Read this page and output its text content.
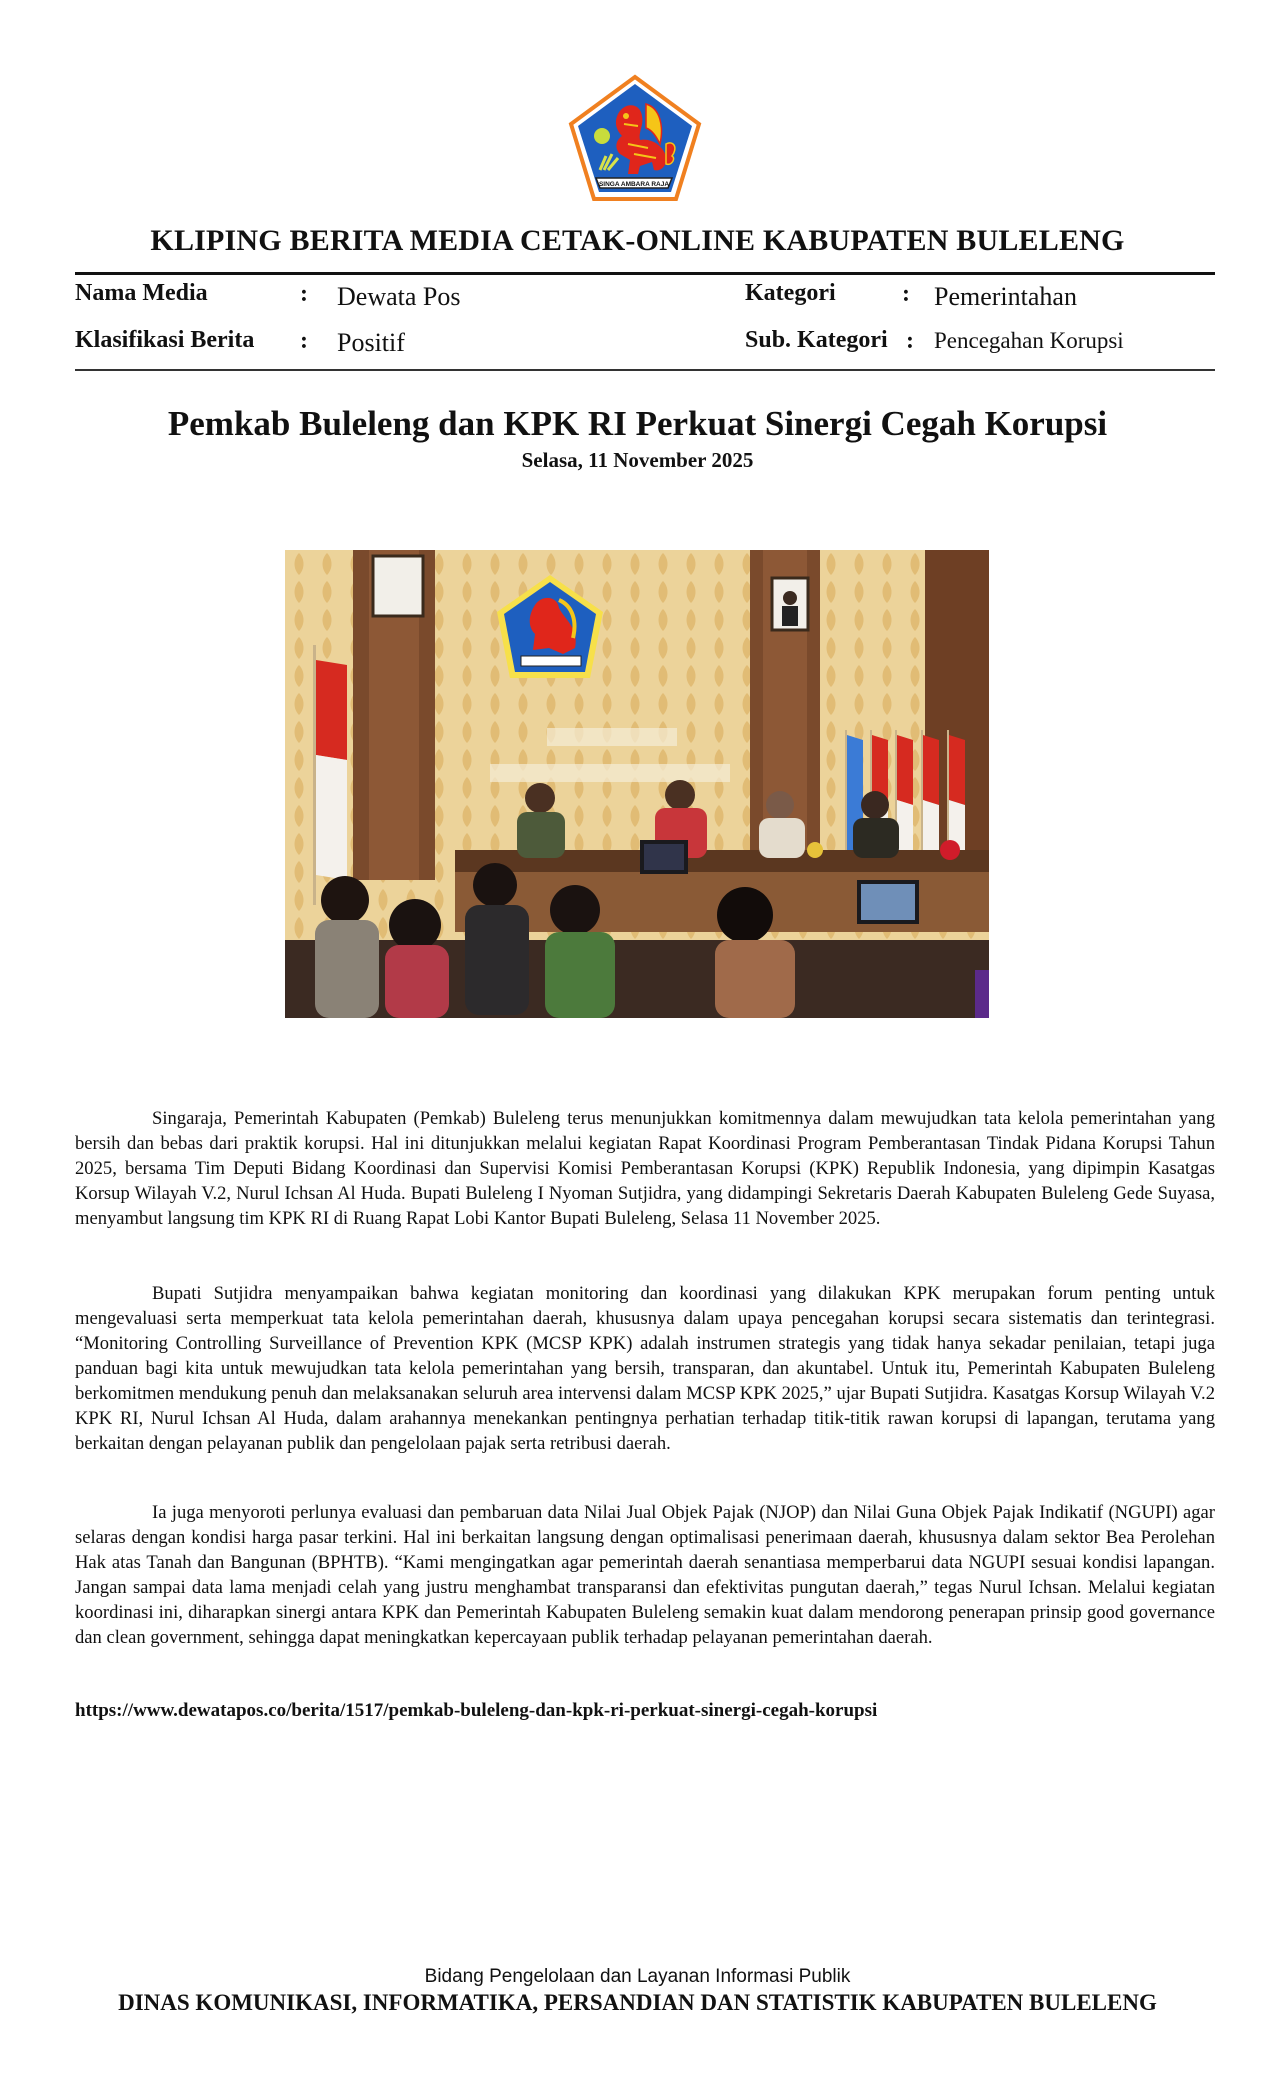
SINGA AMBARA RAJA
KLIPING BERITA MEDIA CETAK-ONLINE KABUPATEN BULELENG
Nama Media	: Dewata Pos
Klasifikasi Berita : Positif
Kategori	: Pemerintahan
Sub. Kategori : Pencegahan Korupsi
Pemkab Buleleng dan KPK RI Perkuat Sinergi Cegah Korupsi
Selasa, 11 November 2025

Singaraja, Pemerintah Kabupaten (Pemkab) Buleleng terus menunjukkan komitmennya dalam mewujudkan tata kelola pemerintahan yang bersih dan bebas dari praktik korupsi. Hal ini ditunjukkan melalui kegiatan Rapat Koordinasi Program Pemberantasan Tindak Pidana Korupsi Tahun 2025, bersama Tim Deputi Bidang Koordinasi dan Supervisi Komisi Pemberantasan Korupsi (KPK) Republik Indonesia, yang dipimpin Kasatgas Korsup Wilayah V.2, Nurul Ichsan Al Huda. Bupati Buleleng I Nyoman Sutjidra, yang didampingi Sekretaris Daerah Kabupaten Buleleng Gede Suyasa, menyambut langsung tim KPK RI di Ruang Rapat Lobi Kantor Bupati Buleleng, Selasa 11 November 2025.

Bupati Sutjidra menyampaikan bahwa kegiatan monitoring dan koordinasi yang dilakukan KPK merupakan forum penting untuk mengevaluasi serta memperkuat tata kelola pemerintahan daerah, khususnya dalam upaya pencegahan korupsi secara sistematis dan terintegrasi. “Monitoring Controlling Surveillance of Prevention KPK (MCSP KPK) adalah instrumen strategis yang tidak hanya sekadar penilaian, tetapi juga panduan bagi kita untuk mewujudkan tata kelola pemerintahan yang bersih, transparan, dan akuntabel. Untuk itu, Pemerintah Kabupaten Buleleng berkomitmen mendukung penuh dan melaksanakan seluruh area intervensi dalam MCSP KPK 2025,” ujar Bupati Sutjidra. Kasatgas Korsup Wilayah V.2 KPK RI, Nurul Ichsan Al Huda, dalam arahannya menekankan pentingnya perhatian terhadap titik-titik rawan korupsi di lapangan, terutama yang berkaitan dengan pelayanan publik dan pengelolaan pajak serta retribusi daerah.

Ia juga menyoroti perlunya evaluasi dan pembaruan data Nilai Jual Objek Pajak (NJOP) dan Nilai Guna Objek Pajak Indikatif (NGUPI) agar selaras dengan kondisi harga pasar terkini. Hal ini berkaitan langsung dengan optimalisasi penerimaan daerah, khususnya dalam sektor Bea Perolehan Hak atas Tanah dan Bangunan (BPHTB). “Kami mengingatkan agar pemerintah daerah senantiasa memperbarui data NGUPI sesuai kondisi lapangan. Jangan sampai data lama menjadi celah yang justru menghambat transparansi dan efektivitas pungutan daerah,” tegas Nurul Ichsan. Melalui kegiatan koordinasi ini, diharapkan sinergi antara KPK dan Pemerintah Kabupaten Buleleng semakin kuat dalam mendorong penerapan prinsip good governance dan clean government, sehingga dapat meningkatkan kepercayaan publik terhadap pelayanan pemerintahan daerah.

https://www.dewatapos.co/berita/1517/pemkab-buleleng-dan-kpk-ri-perkuat-sinergi-cegah-korupsi
Bidang Pengelolaan dan Layanan Informasi Publik
DINAS KOMUNIKASI, INFORMATIKA, PERSANDIAN DAN STATISTIK KABUPATEN BULELENG
